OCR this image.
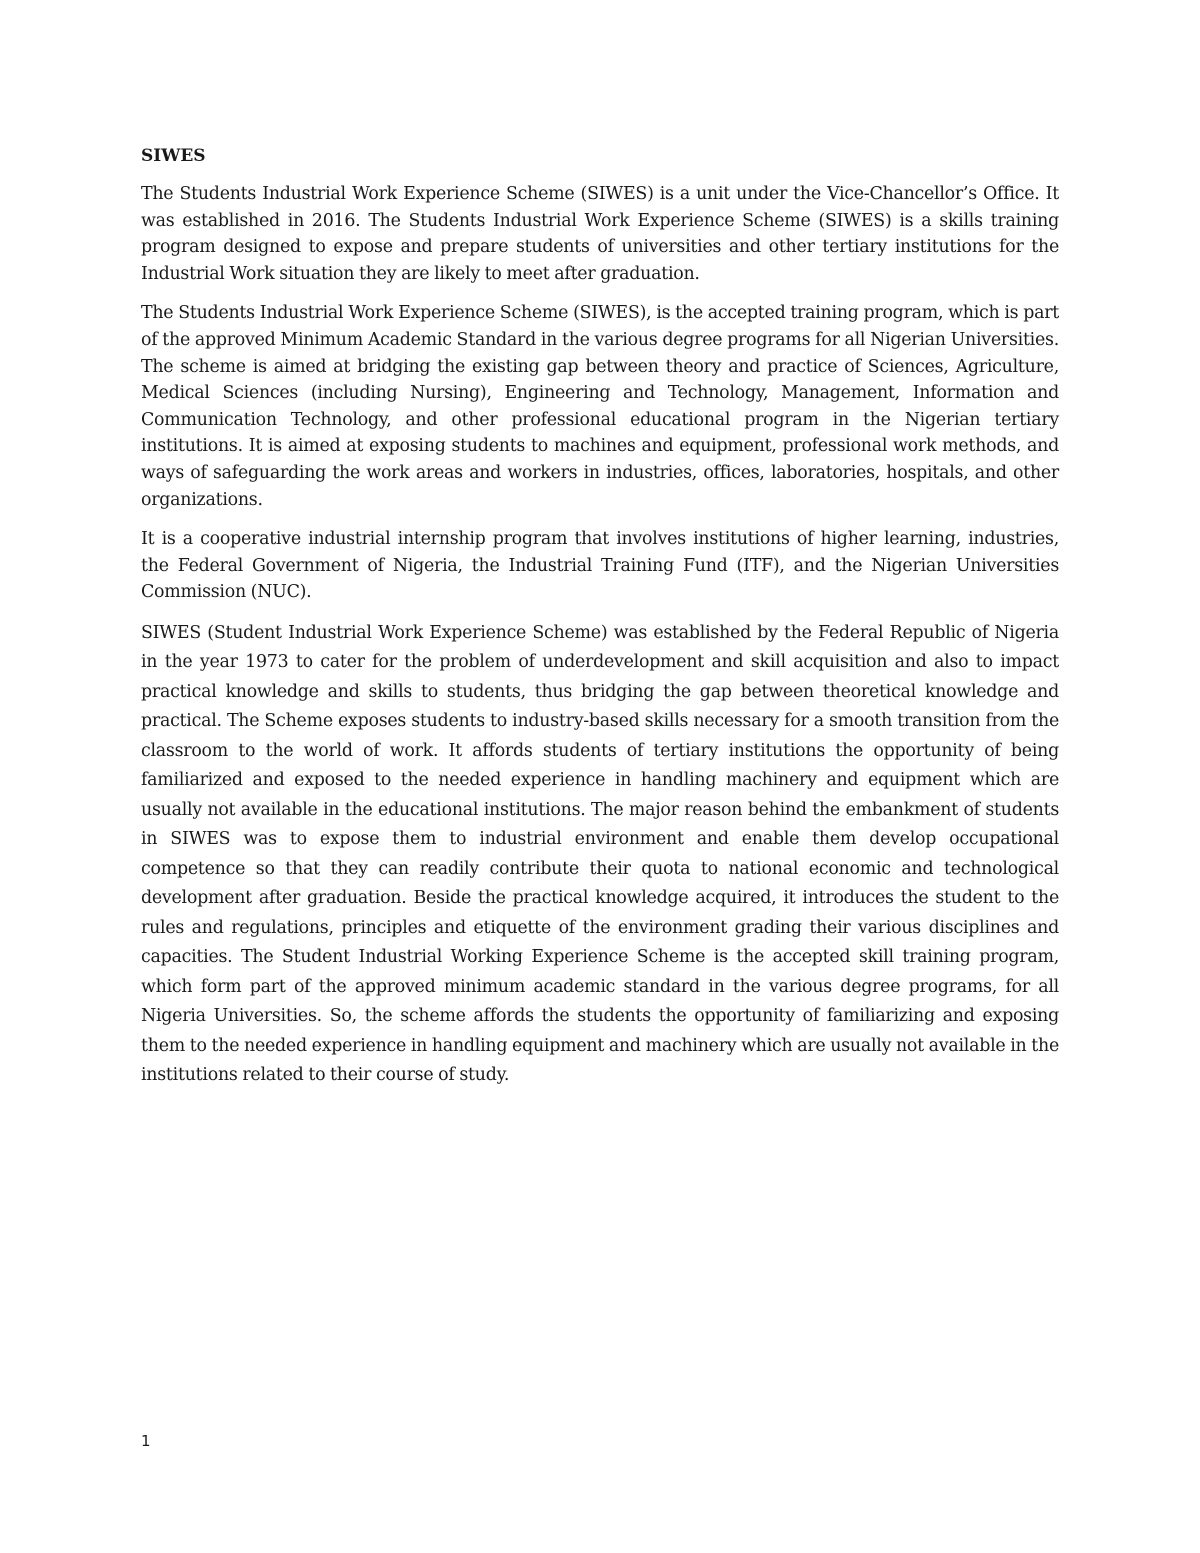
SIWES

The Students Industrial Work Experience Scheme (SIWES) is a unit under the Vice-Chancellor’s Office. It was established in 2016. The Students Industrial Work Experience Scheme (SIWES) is a skills training program designed to expose and prepare students of universities and other tertiary institutions for the Industrial Work situation they are likely to meet after graduation.

The Students Industrial Work Experience Scheme (SIWES), is the accepted training program, which is part of the approved Minimum Academic Standard in the various degree programs for all Nigerian Universities. The scheme is aimed at bridging the existing gap between theory and practice of Sciences, Agriculture, Medical Sciences (including Nursing), Engineering and Technology, Management, Information and Communication Technology, and other professional educational program in the Nigerian tertiary institutions. It is aimed at exposing students to machines and equipment, professional work methods, and ways of safeguarding the work areas and workers in industries, offices, laboratories, hospitals, and other organizations.

It is a cooperative industrial internship program that involves institutions of higher learning, industries, the Federal Government of Nigeria, the Industrial Training Fund (ITF), and the Nigerian Universities Commission (NUC).

SIWES (Student Industrial Work Experience Scheme) was established by the Federal Republic of Nigeria in the year 1973 to cater for the problem of underdevelopment and skill acquisition and also to impact practical knowledge and skills to students, thus bridging the gap between theoretical knowledge and practical. The Scheme exposes students to industry-based skills necessary for a smooth transition from the classroom to the world of work. It affords students of tertiary institutions the opportunity of being familiarized and exposed to the needed experience in handling machinery and equipment which are usually not available in the educational institutions. The major reason behind the embankment of students in SIWES was to expose them to industrial environment and enable them develop occupational competence so that they can readily contribute their quota to national economic and technological development after graduation. Beside the practical knowledge acquired, it introduces the student to the rules and regulations, principles and etiquette of the environment grading their various disciplines and capacities. The Student Industrial Working Experience Scheme is the accepted skill training program, which form part of the approved minimum academic standard in the various degree programs, for all Nigeria Universities. So, the scheme affords the students the opportunity of familiarizing and exposing them to the needed experience in handling equipment and machinery which are usually not available in the institutions related to their course of study.

1
